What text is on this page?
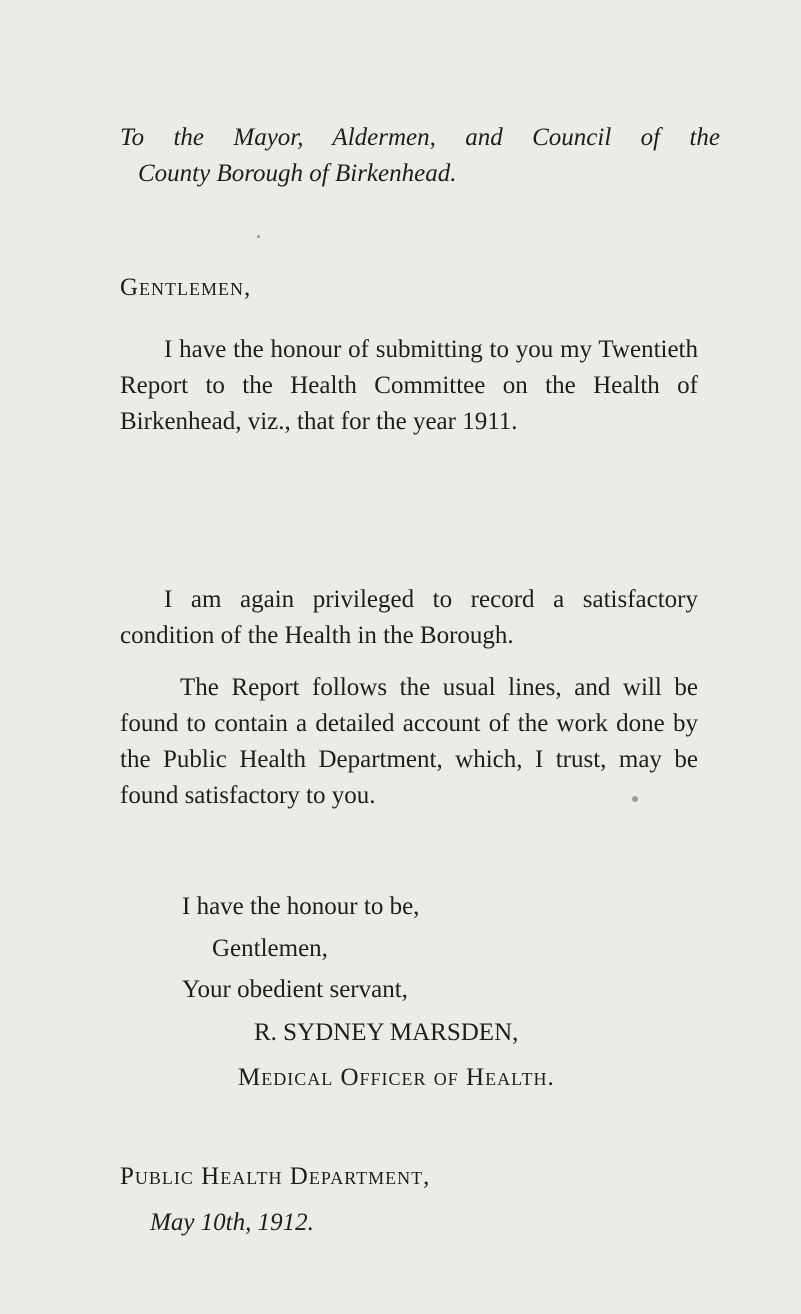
To the Mayor, Aldermen, and Council of the
County Borough of Birkenhead.
Gentlemen,
I have the honour of submitting to you my Twentieth Report to the Health Committee on the Health of Birkenhead, viz., that for the year 1911.
I am again privileged to record a satisfactory condition of the Health in the Borough.
The Report follows the usual lines, and will be found to contain a detailed account of the work done by the Public Health Department, which, I trust, may be found satisfactory to you.
I have the honour to be,
Gentlemen,
Your obedient servant,
R. SYDNEY MARSDEN,
Medical Officer of Health.
Public Health Department,
May 10th, 1912.
